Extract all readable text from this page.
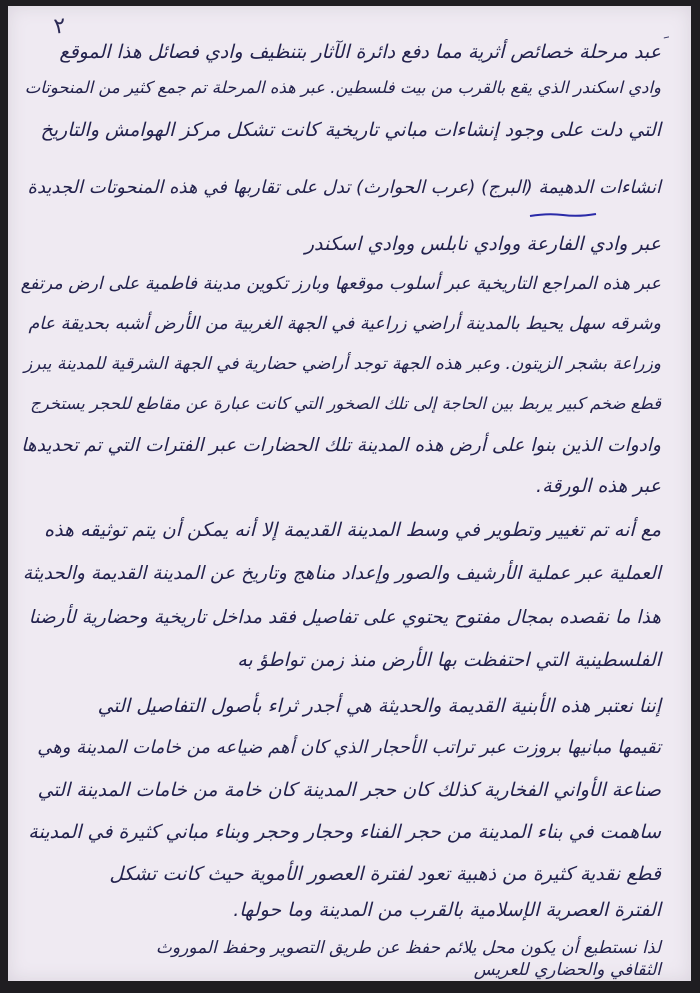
٢	ﹺ
عبد مرحلة خصائص أثرية مما دفع دائرة الآثار بتنظيف وادي فصائل هذا الموقع
وادي اسكندر الذي يقع بالقرب من بيت فلسطين. عبر هذه المرحلة تم جمع كثير من المنحوتات
التي دلت على وجود إنشاءات مباني تاريخية كانت تشكل مركز الهوامش والتاريخ
انشاءات الدهيمة (البرج) (عرب الحوارث) تدل على تقاربها في هذه المنحوتات الجديدة
عبر وادي الفارعة ووادي نابلس ووادي اسكندر
عبر هذه المراجع التاريخية عبر أسلوب موقعها وبارز تكوين مدينة فاطمية على ارض مرتفع
وشرقه سهل يحيط بالمدينة أراضي زراعية في الجهة الغربية من الأرض أشبه بحديقة عام
وزراعة بشجر الزيتون. وعبر هذه الجهة توجد أراضي حضارية في الجهة الشرقية للمدينة يبرز
قطع ضخم كبير يربط بين الحاجة إلى تلك الصخور التي كانت عبارة عن مقاطع للحجر يستخرج
وادوات الذين بنوا على أرض هذه المدينة تلك الحضارات عبر الفترات التي تم تحديدها
عبر هذه الورقة.
مع أنه تم تغيير وتطوير في وسط المدينة القديمة إلا أنه يمكن أن يتم توثيقه هذه
العملية عبر عملية الأرشيف والصور وإعداد مناهج وتاريخ عن المدينة القديمة والحديثة
هذا ما نقصده بمجال مفتوح يحتوي على تفاصيل فقد مداخل تاريخية وحضارية لأرضنا
الفلسطينية التي احتفظت بها الأرض منذ زمن تواطؤ به
إننا نعتبر هذه الأبنية القديمة والحديثة هي أجدر ثراء بأصول التفاصيل التي
تقيمها مبانيها بروزت عبر تراتب الأحجار الذي كان أهم ضياعه من خامات المدينة وهي
صناعة الأواني الفخارية كذلك كان حجر المدينة كان خامة من خامات المدينة التي
ساهمت في بناء المدينة من حجر الفناء وحجار وحجر وبناء مباني كثيرة في المدينة
قطع نقدية كثيرة من ذهبية تعود لفترة العصور الأموية حيث كانت تشكل
الفترة العصرية الإسلامية بالقرب من المدينة وما حولها.
لذا نستطيع أن يكون محل يلائم حفظ عن طريق التصوير وحفظ الموروث
الثقافي والحضاري للعريس
